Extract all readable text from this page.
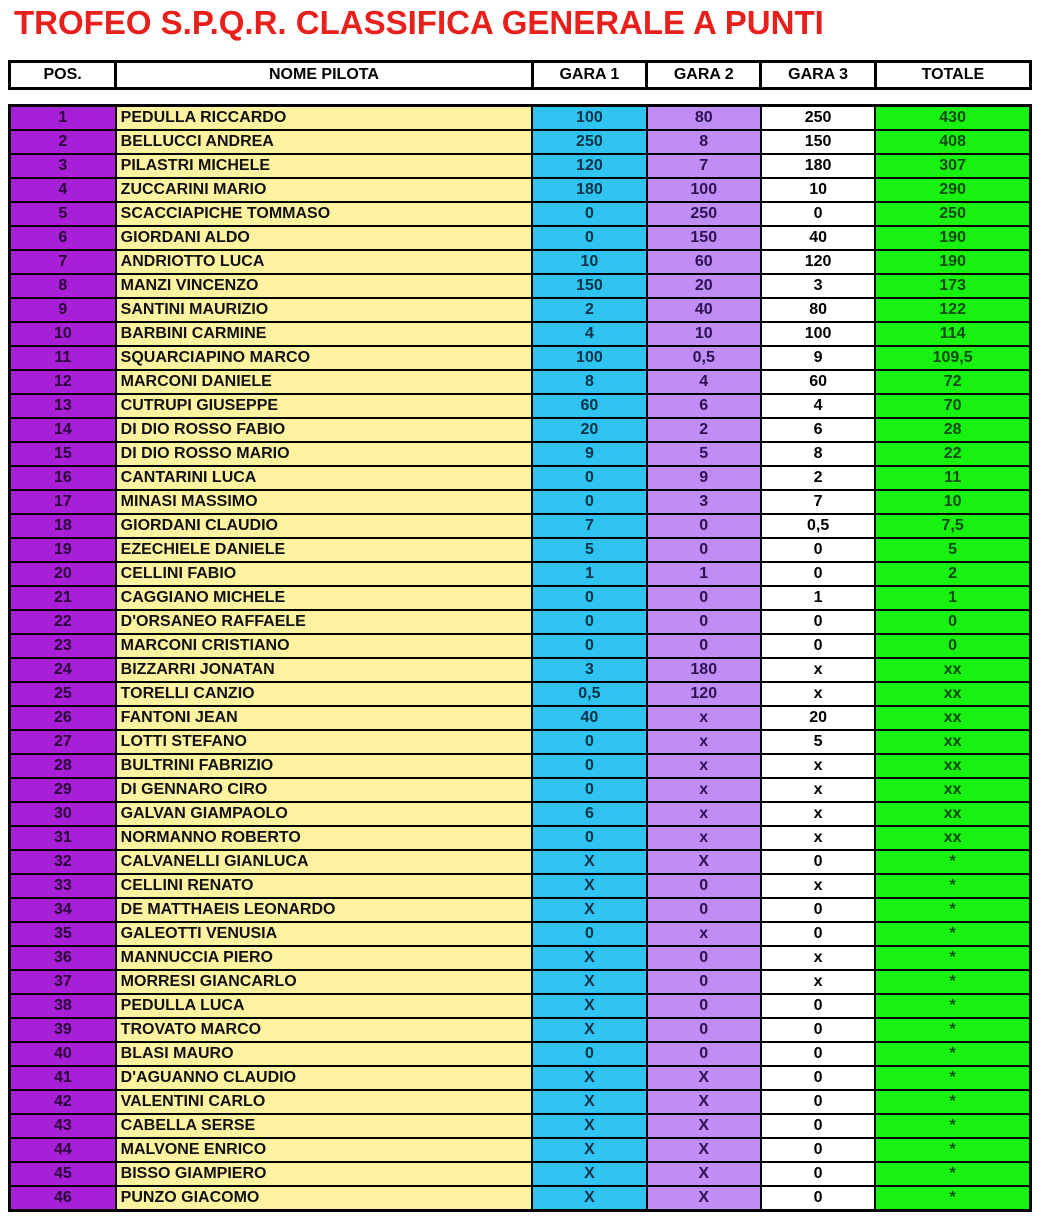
TROFEO S.P.Q.R. CLASSIFICA GENERALE A PUNTI
POS.	NOME PILOTA	GARA 1	GARA 2	GARA 3	TOTALE
1	PEDULLA RICCARDO	100	80	250	430
2	BELLUCCI ANDREA	250	8	150	408
3	PILASTRI MICHELE	120	7	180	307
4	ZUCCARINI MARIO	180	100	10	290
5	SCACCIAPICHE TOMMASO	0	250	0	250
6	GIORDANI ALDO	0	150	40	190
7	ANDRIOTTO LUCA	10	60	120	190
8	MANZI VINCENZO	150	20	3	173
9	SANTINI MAURIZIO	2	40	80	122
10	BARBINI CARMINE	4	10	100	114
11	SQUARCIAPINO MARCO	100	0,5	9	109,5
12	MARCONI DANIELE	8	4	60	72
13	CUTRUPI GIUSEPPE	60	6	4	70
14	DI DIO ROSSO FABIO	20	2	6	28
15	DI DIO ROSSO MARIO	9	5	8	22
16	CANTARINI LUCA	0	9	2	11
17	MINASI MASSIMO	0	3	7	10
18	GIORDANI CLAUDIO	7	0	0,5	7,5
19	EZECHIELE DANIELE	5	0	0	5
20	CELLINI FABIO	1	1	0	2
21	CAGGIANO MICHELE	0	0	1	1
22	D'ORSANEO RAFFAELE	0	0	0	0
23	MARCONI CRISTIANO	0	0	0	0
24	BIZZARRI JONATAN	3	180	x	xx
25	TORELLI CANZIO	0,5	120	x	xx
26	FANTONI JEAN	40	x	20	xx
27	LOTTI STEFANO	0	x	5	xx
28	BULTRINI FABRIZIO	0	x	x	xx
29	DI GENNARO CIRO	0	x	x	xx
30	GALVAN GIAMPAOLO	6	x	x	xx
31	NORMANNO ROBERTO	0	x	x	xx
32	CALVANELLI GIANLUCA	X	X	0	*
33	CELLINI RENATO	X	0	x	*
34	DE MATTHAEIS LEONARDO	X	0	0	*
35	GALEOTTI VENUSIA	0	x	0	*
36	MANNUCCIA PIERO	X	0	x	*
37	MORRESI GIANCARLO	X	0	x	*
38	PEDULLA LUCA	X	0	0	*
39	TROVATO MARCO	X	0	0	*
40	BLASI MAURO	0	0	0	*
41	D'AGUANNO CLAUDIO	X	X	0	*
42	VALENTINI CARLO	X	X	0	*
43	CABELLA SERSE	X	X	0	*
44	MALVONE ENRICO	X	X	0	*
45	BISSO GIAMPIERO	X	X	0	*
46	PUNZO GIACOMO	X	X	0	*
